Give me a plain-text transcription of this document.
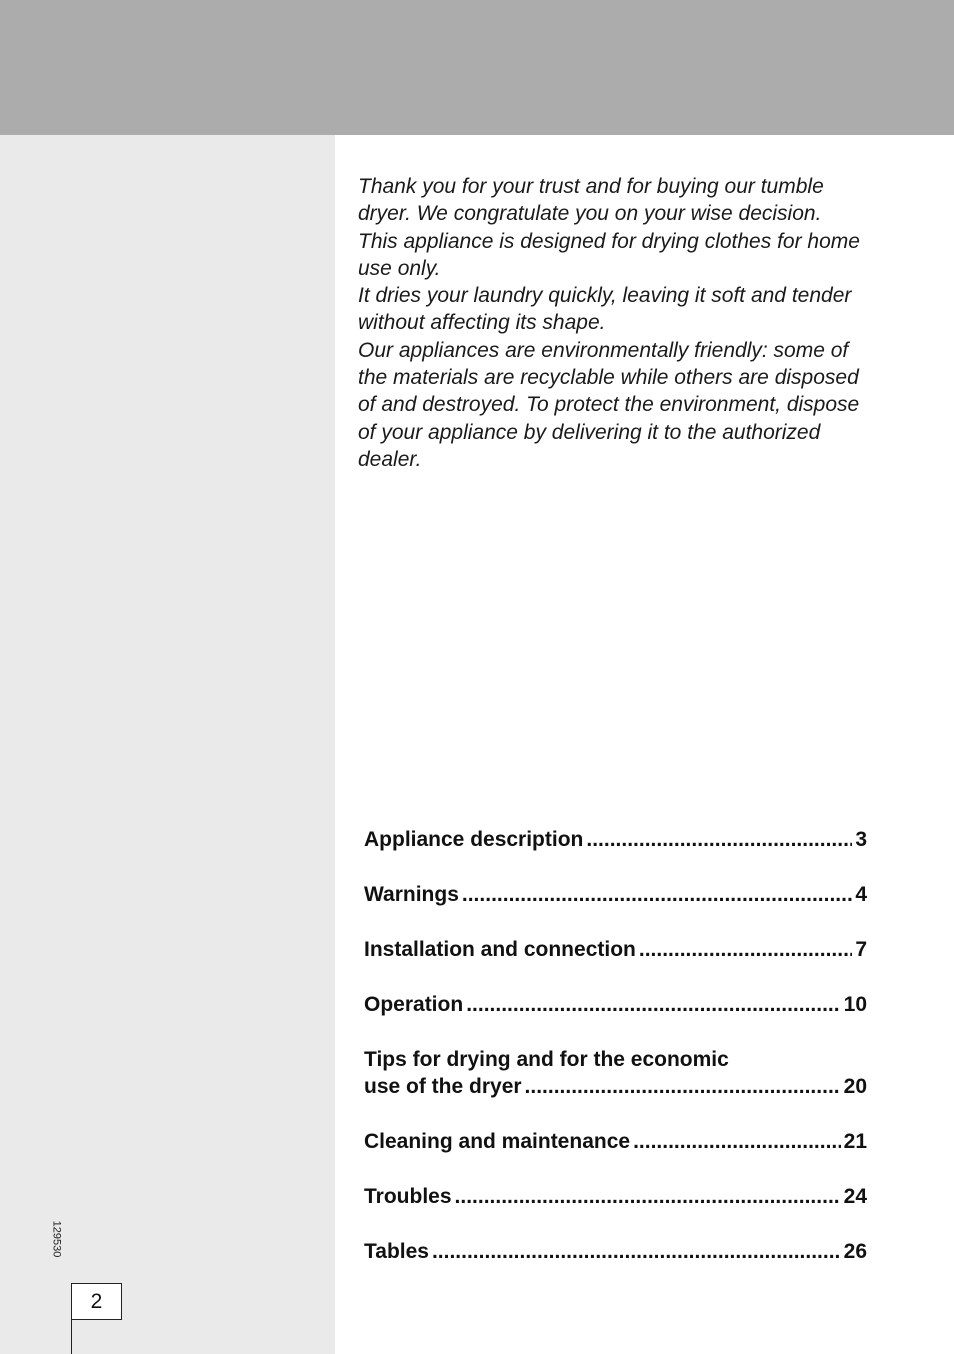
Thank you for your trust and for buying our tumble dryer. We congratulate you on your wise decision.

This appliance is designed for drying clothes for home use only.

It dries your laundry quickly, leaving it soft and tender without affecting its shape.

Our appliances are environmentally friendly: some of the materials are recyclable while others are disposed of and destroyed. To protect the environment, dispose of your appliance by delivering it to the authorized dealer.

Appliance description .....	3
Warnings .....	4
Installation and connection .....	7
Operation .....	10
Tips for drying and for the economic
use of the dryer .....	20
Cleaning and maintenance .....	21
Troubles .....	24
Tables .....	26
129530
2
